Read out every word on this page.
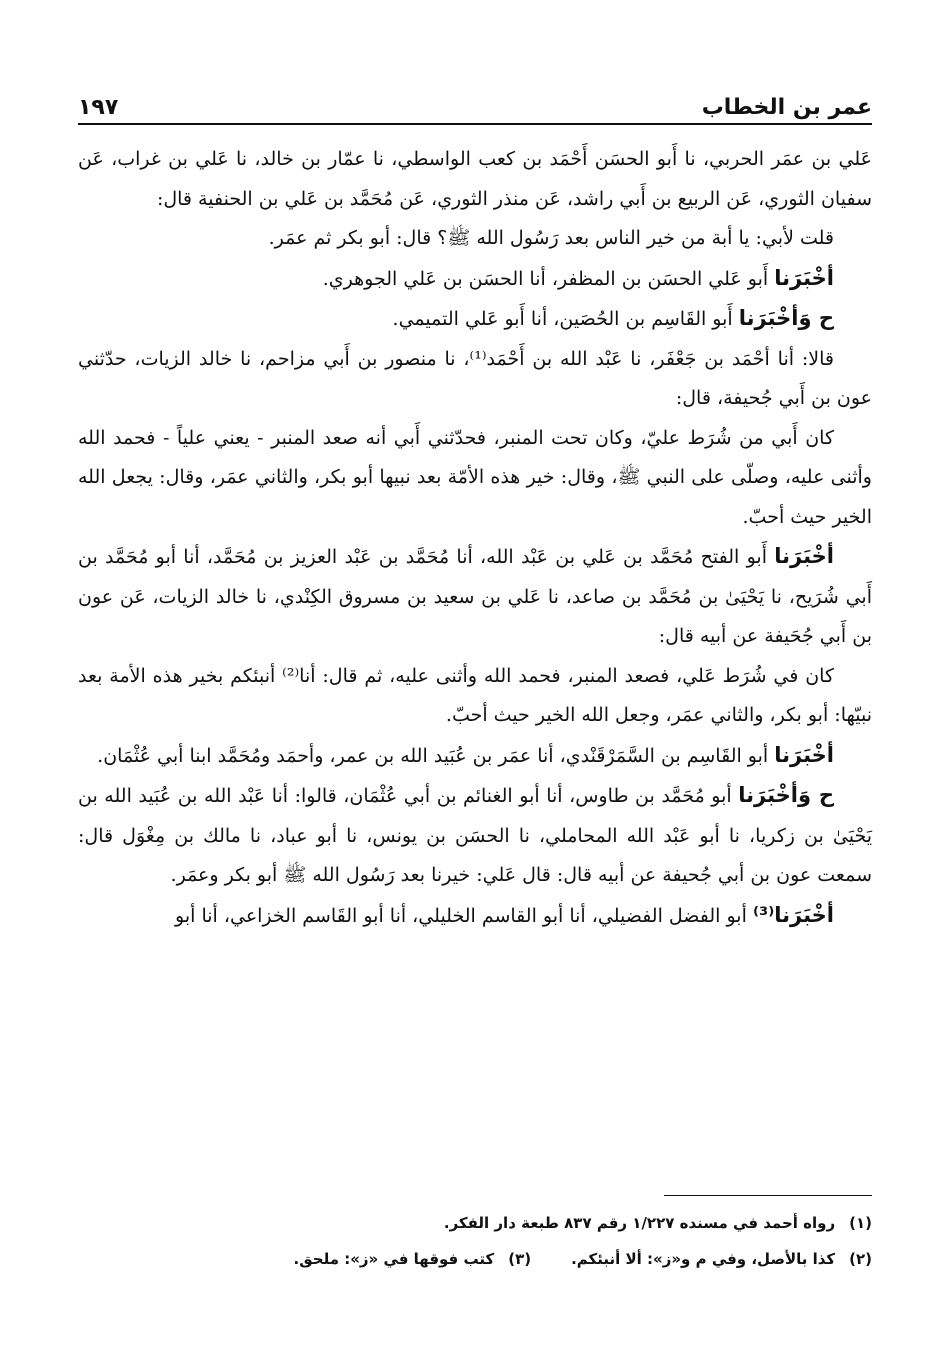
عمر بن الخطاب
١٩٧

عَلي بن عمَر الحربي، نا أَبو الحسَن أَحْمَد بن كعب الواسطي، نا عمّار بن خالد، نا عَلي بن غراب، عَن سفيان الثوري، عَن الربيع بن أَبي راشد، عَن منذر الثوري، عَن مُحَمَّد بن عَلي بن الحنفية قال:

قلت لأبي: يا أبة من خير الناس بعد رَسُول الله ﷺ؟ قال: أبو بكر ثم عمَر.

أخْبَرَنا أَبو عَلي الحسَن بن المظفر، أنا الحسَن بن عَلي الجوهري.

ح وَأخْبَرَنا أَبو القَاسِم بن الحُصَين، أنا أَبو عَلي التميمي.

قالا: أنا أحْمَد بن جَعْفَر، نا عَبْد الله بن أَحْمَد⁽¹⁾، نا منصور بن أَبي مزاحم، نا خالد الزيات، حدّثني عون بن أَبي جُحيفة، قال:

كان أَبي من شُرَط عليّ، وكان تحت المنبر، فحدّثني أَبي أنه صعد المنبر - يعني علياً - فحمد الله وأثنى عليه، وصلّى على النبي ﷺ، وقال: خير هذه الأمّة بعد نبيها أبو بكر، والثاني عمَر، وقال: يجعل الله الخير حيث أحبّ.

أخْبَرَنا أَبو الفتح مُحَمَّد بن عَلي بن عَبْد الله، أنا مُحَمَّد بن عَبْد العزيز بن مُحَمَّد، أنا أبو مُحَمَّد بن أَبي شُرَيح، نا يَحْيَىٰ بن مُحَمَّد بن صاعد، نا عَلي بن سعيد بن مسروق الكِنْدي، نا خالد الزيات، عَن عون بن أَبي جُحَيفة عن أبيه قال:

كان في شُرَط عَلي، فصعد المنبر، فحمد الله وأثنى عليه، ثم قال: أنا⁽²⁾ أنبئكم بخير هذه الأمة بعد نبيّها: أبو بكر، والثاني عمَر، وجعل الله الخير حيث أحبّ.

أخْبَرَنا أبو القَاسِم بن السَّمَرْقَنْدي، أنا عمَر بن عُبَيد الله بن عمر، وأحمَد ومُحَمَّد ابنا أبي عُثْمَان.

ح وَأخْبَرَنا أبو مُحَمَّد بن طاوس، أنا أبو الغنائم بن أبي عُثْمَان، قالوا: أنا عَبْد الله بن عُبَيد الله بن يَحْيَىٰ بن زكريا، نا أبو عَبْد الله المحاملي، نا الحسَن بن يونس، نا أبو عباد، نا مالك بن مِغْوَل قال: سمعت عون بن أبي جُحيفة عن أبيه قال: قال عَلي: خيرنا بعد رَسُول الله ﷺ أبو بكر وعمَر.

أخْبَرَنا⁽³⁾ أبو الفضل الفضيلي، أنا أبو القاسم الخليلي، أنا أبو القَاسم الخزاعي، أنا أبو

(١)رواه أحمد في مسنده ١/٢٢٧ رقم ٨٣٧ طبعة دار الفكر.
(٢)كذا بالأصل، وفي م و«ز»: ألا أنبئكم.
(٣)كتب فوقها في «ز»: ملحق.
